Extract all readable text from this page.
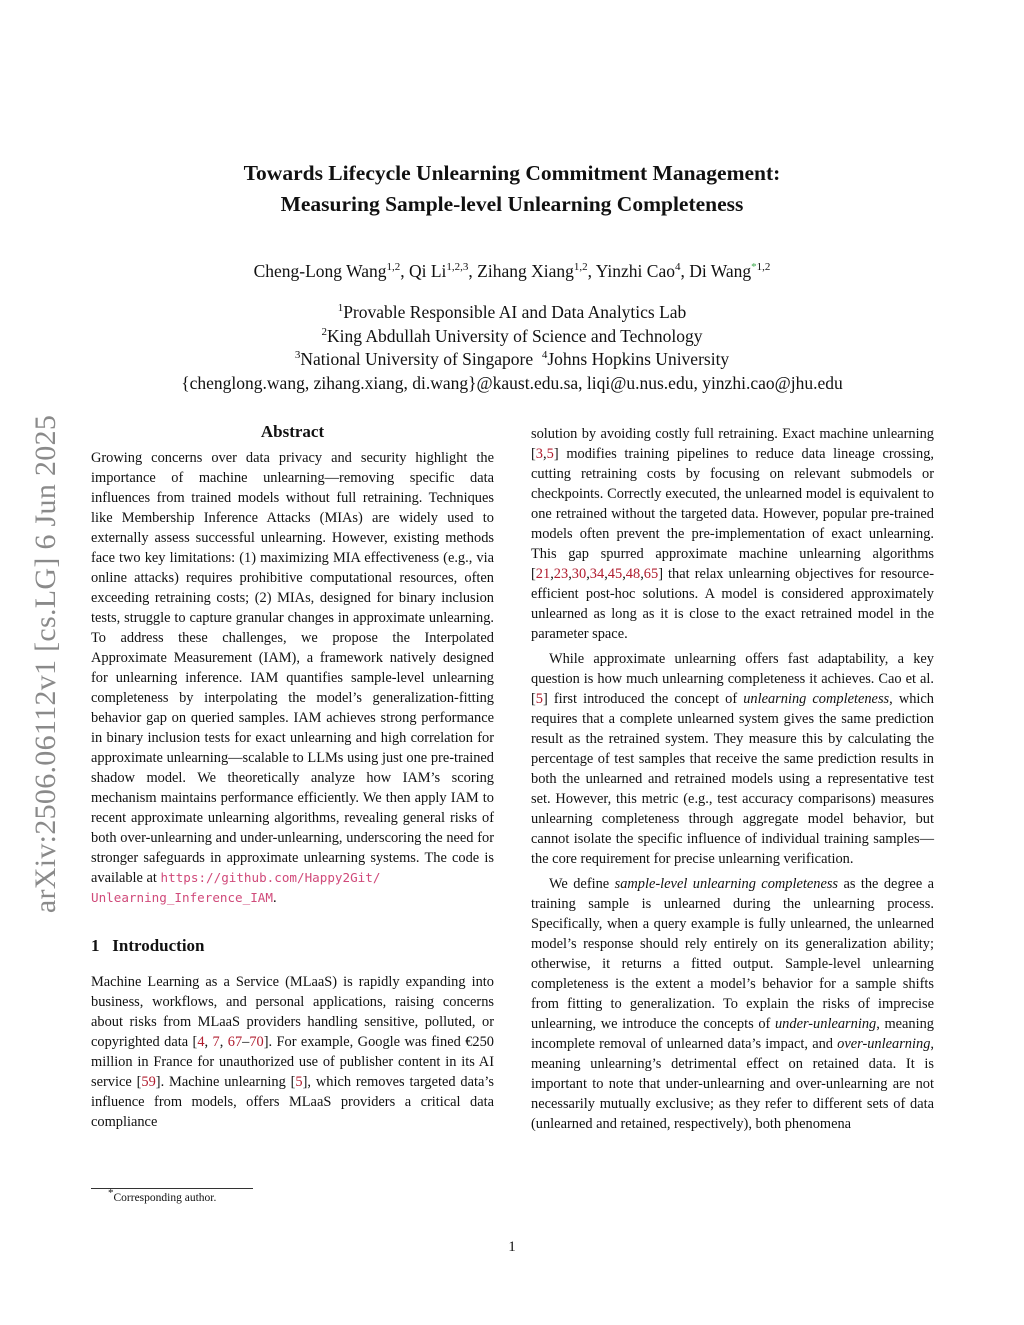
arXiv:2506.06112v1 [cs.LG] 6 Jun 2025
Towards Lifecycle Unlearning Commitment Management:
Measuring Sample-level Unlearning Completeness
Cheng-Long Wang$^{1,2}$, Qi Li$^{1,2,3}$, Zihang Xiang$^{1,2}$, Yinzhi Cao$^4$, Di Wang$^{*1,2}$
$^1$Provable Responsible AI and Data Analytics Lab
$^2$King Abdullah University of Science and Technology
$^3$National University of Singapore $^4$Johns Hopkins University
{chenglong.wang, zihang.xiang, di.wang}@kaust.edu.sa, liqi@u.nus.edu, yinzhi.cao@jhu.edu
Abstract

Growing concerns over data privacy and security highlight the importance of machine unlearning—removing specific data influences from trained models without full retraining. Techniques like Membership Inference Attacks (MIAs) are widely used to externally assess successful unlearning. However, existing methods face two key limitations: (1) maximizing MIA effectiveness (e.g., via online attacks) requires prohibitive computational resources, often exceeding retraining costs; (2) MIAs, designed for binary inclusion tests, struggle to capture granular changes in approximate unlearning. To address these challenges, we propose the Interpolated Approximate Measurement (IAM), a framework natively designed for unlearning inference. IAM quantifies sample-level unlearning completeness by interpolating the model’s generalization-fitting behavior gap on queried samples. IAM achieves strong performance in binary inclusion tests for exact unlearning and high correlation for approximate unlearning—scalable to LLMs using just one pre-trained shadow model. We theoretically analyze how IAM’s scoring mechanism maintains performance efficiently. We then apply IAM to recent approximate unlearning algorithms, revealing general risks of both over-unlearning and under-unlearning, underscoring the need for stronger safeguards in approximate unlearning systems. The code is available at https://github.com/Happy2Git/
Unlearning_Inference_IAM.

1 Introduction

Machine Learning as a Service (MLaaS) is rapidly expanding into business, workflows, and personal applications, raising concerns about risks from MLaaS providers handling sensitive, polluted, or copyrighted data [4, 7, 67–70]. For example, Google was fined €250 million in France for unauthorized use of publisher content in its AI service [59]. Machine unlearning [5], which removes targeted data’s influence from models, offers MLaaS providers a critical data compliance

solution by avoiding costly full retraining. Exact machine unlearning [3,5] modifies training pipelines to reduce data lineage crossing, cutting retraining costs by focusing on relevant submodels or checkpoints. Correctly executed, the unlearned model is equivalent to one retrained without the targeted data. However, popular pre-trained models often prevent the pre-implementation of exact unlearning. This gap spurred approximate machine unlearning algorithms [21,23,30,34,45,48,65] that relax unlearning objectives for resource-efficient post-hoc solutions. A model is considered approximately unlearned as long as it is close to the exact retrained model in the parameter space.

While approximate unlearning offers fast adaptability, a key question is how much unlearning completeness it achieves. Cao et al. [5] first introduced the concept of unlearning completeness, which requires that a complete unlearned system gives the same prediction result as the retrained system. They measure this by calculating the percentage of test samples that receive the same prediction results in both the unlearned and retrained models using a representative test set. However, this metric (e.g., test accuracy comparisons) measures unlearning completeness through aggregate model behavior, but cannot isolate the specific influence of individual training samples—the core requirement for precise unlearning verification.

We define sample-level unlearning completeness as the degree a training sample is unlearned during the unlearning process. Specifically, when a query example is fully unlearned, the unlearned model’s response should rely entirely on its generalization ability; otherwise, it returns a fitted output. Sample-level unlearning completeness is the extent a model’s behavior for a sample shifts from fitting to generalization. To explain the risks of imprecise unlearning, we introduce the concepts of under-unlearning, meaning incomplete removal of unlearned data’s impact, and over-unlearning, meaning unlearning’s detrimental effect on retained data. It is important to note that under-unlearning and over-unlearning are not necessarily mutually exclusive; as they refer to different sets of data (unlearned and retained, respectively), both phenomena

*Corresponding author.
1
